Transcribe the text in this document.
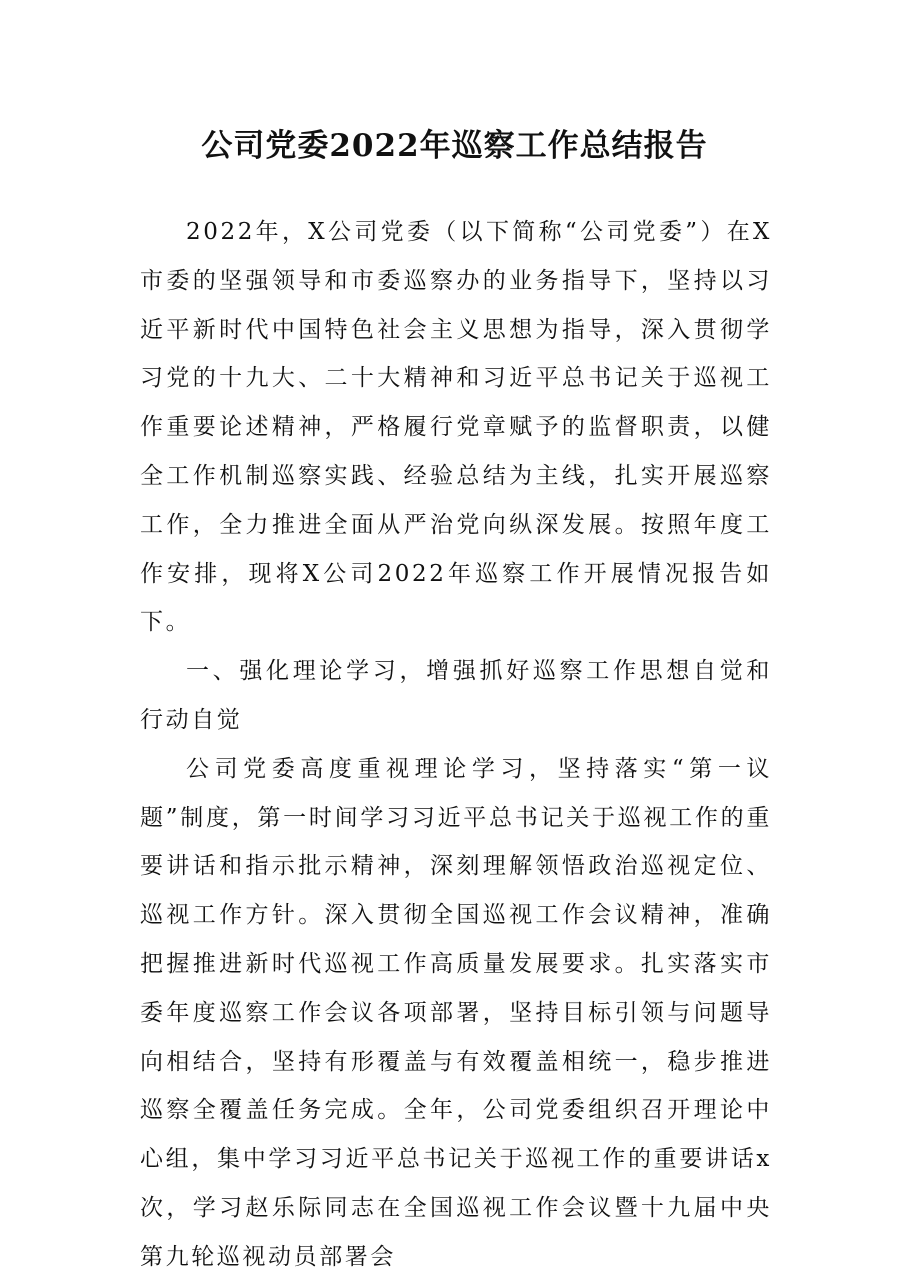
公司党委2022年巡察工作总结报告

2022年，X公司党委（以下简称“公司党委”）在X市委的坚强领导和市委巡察办的业务指导下，坚持以习近平新时代中国特色社会主义思想为指导，深入贯彻学习党的十九大、二十大精神和习近平总书记关于巡视工作重要论述精神，严格履行党章赋予的监督职责，以健全工作机制巡察实践、经验总结为主线，扎实开展巡察工作，全力推进全面从严治党向纵深发展。按照年度工作安排，现将X公司2022年巡察工作开展情况报告如下。

一、强化理论学习，增强抓好巡察工作思想自觉和行动自觉

公司党委高度重视理论学习，坚持落实“第一议题”制度，第一时间学习习近平总书记关于巡视工作的重要讲话和指示批示精神，深刻理解领悟政治巡视定位、巡视工作方针。深入贯彻全国巡视工作会议精神，准确把握推进新时代巡视工作高质量发展要求。扎实落实市委年度巡察工作会议各项部署，坚持目标引领与问题导向相结合，坚持有形覆盖与有效覆盖相统一，稳步推进巡察全覆盖任务完成。全年，公司党委组织召开理论中心组，集中学习习近平总书记关于巡视工作的重要讲话x次，学习赵乐际同志在全国巡视工作会议暨十九届中央第九轮巡视动员部署会
